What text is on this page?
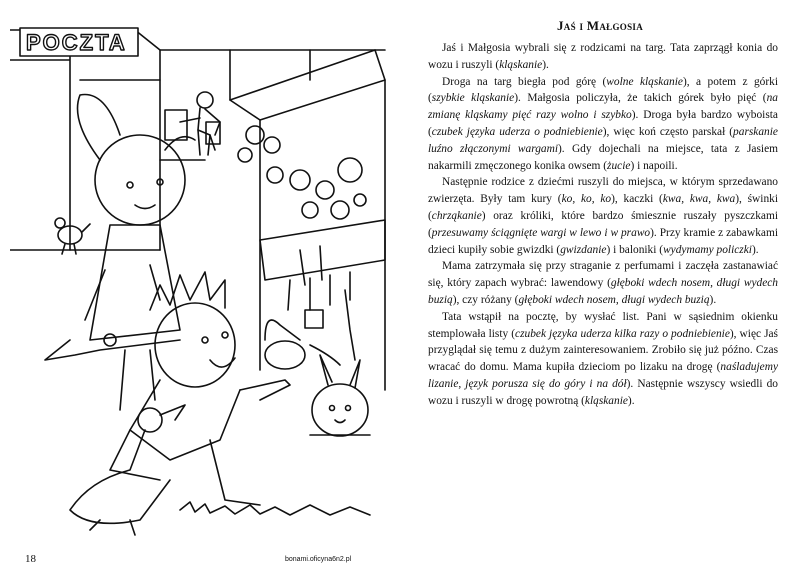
POCZTA
18	bonami.oficyna6n2.pl
Jaś i Małgosia

Jaś i Małgosia wybrali się z rodzicami na targ. Tata zaprzągł konia do wozu i ruszyli (kląskanie).

Droga na targ biegła pod górę (wolne kląskanie), a potem z górki (szybkie kląskanie). Małgosia policzyła, że takich górek było pięć (na zmianę kląskamy pięć razy wolno i szybko). Droga była bardzo wyboista (czubek języka uderza o podniebienie), więc koń często parskał (parskanie luźno złączonymi wargami). Gdy dojechali na miejsce, tata z Jasiem nakarmili zmęczonego konika owsem (żucie) i napoili.

Następnie rodzice z dziećmi ruszyli do miejsca, w którym sprzedawano zwierzęta. Były tam kury (ko, ko, ko), kaczki (kwa, kwa, kwa), świnki (chrząkanie) oraz króliki, które bardzo śmiesznie ruszały pyszczkami (przesuwamy ściągnięte wargi w lewo i w prawo). Przy kramie z zabawkami dzieci kupiły sobie gwizdki (gwizdanie) i baloniki (wydymamy policzki).

Mama zatrzymała się przy straganie z perfumami i zaczęła zastanawiać się, który zapach wybrać: lawendowy (głęboki wdech nosem, długi wydech buzią), czy różany (głęboki wdech nosem, długi wydech buzią).

Tata wstąpił na pocztę, by wysłać list. Pani w sąsiednim okienku stemplowała listy (czubek języka uderza kilka razy o podniebienie), więc Jaś przyglądał się temu z dużym zainteresowaniem. Zrobiło się już późno. Czas wracać do domu. Mama kupiła dzieciom po lizaku na drogę (naśladujemy lizanie, język porusza się do góry i na dół). Następnie wszyscy wsiedli do wozu i ruszyli w drogę powrotną (kląskanie).
